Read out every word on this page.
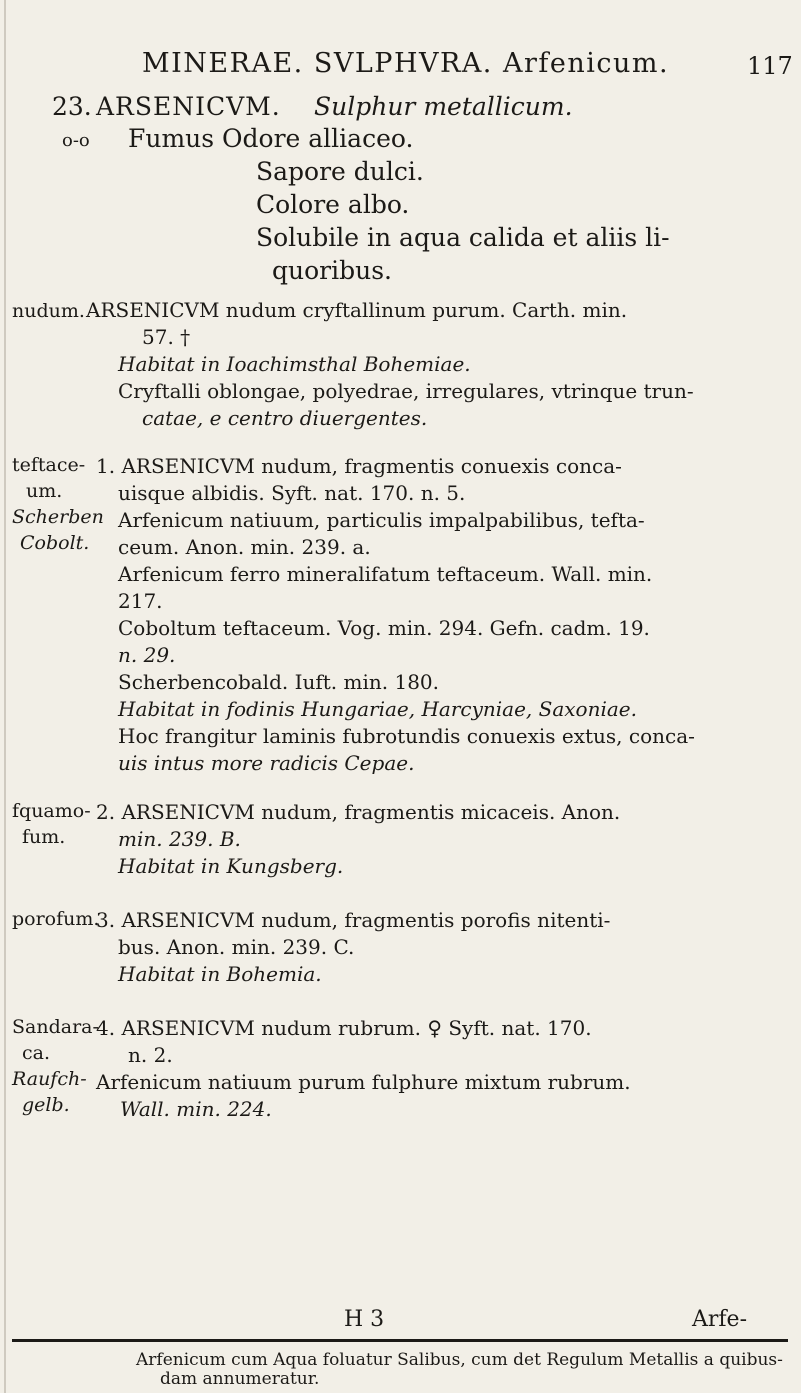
MINERAE. SVLPHVRA. Arfenicum.	117
23. ARSENICVM. Sulphur metallicum.
o-o Fumus Odore alliaceo.
Sapore dulci.
Colore albo.
Solubile in aqua calida et aliis li-
quoribus.
nudum. ARSENICVM nudum cryftallinum purum. Carth. min.
57. †
Habitat in Ioachimsthal Bohemiae.
Cryftalli oblongae, polyedrae, irregulares, vtrinque trun-
catae, e centro diuergentes.
teftace-
um.
Scherben
Cobolt.
1. ARSENICVM nudum, fragmentis conuexis conca-
uisque albidis. Syft. nat. 170. n. 5.
Arfenicum natiuum, particulis impalpabilibus, tefta-
ceum. Anon. min. 239. a.
Arfenicum ferro mineralifatum teftaceum. Wall. min.
217.
Coboltum teftaceum. Vog. min. 294. Gefn. cadm. 19.
n. 29.
Scherbencobald. Iuft. min. 180.
Habitat in fodinis Hungariae, Harcyniae, Saxoniae.
Hoc frangitur laminis fubrotundis conuexis extus, conca-
uis intus more radicis Cepae.
fquamo-
fum.
2. ARSENICVM nudum, fragmentis micaceis. Anon.
min. 239. B.
Habitat in Kungsberg.
porofum.
3. ARSENICVM nudum, fragmentis porofis nitenti-
bus. Anon. min. 239. C.
Habitat in Bohemia.
Sandara-
ca.
Raufch-
gelb.
4. ARSENICVM nudum rubrum. ♀ Syft. nat. 170.
n. 2.
Arfenicum natiuum purum fulphure mixtum rubrum.
Wall. min. 224.
H 3	Arfe-
Arfenicum cum Aqua foluatur Salibus, cum det Regulum Metallis a quibus-
dam annumeratur.
